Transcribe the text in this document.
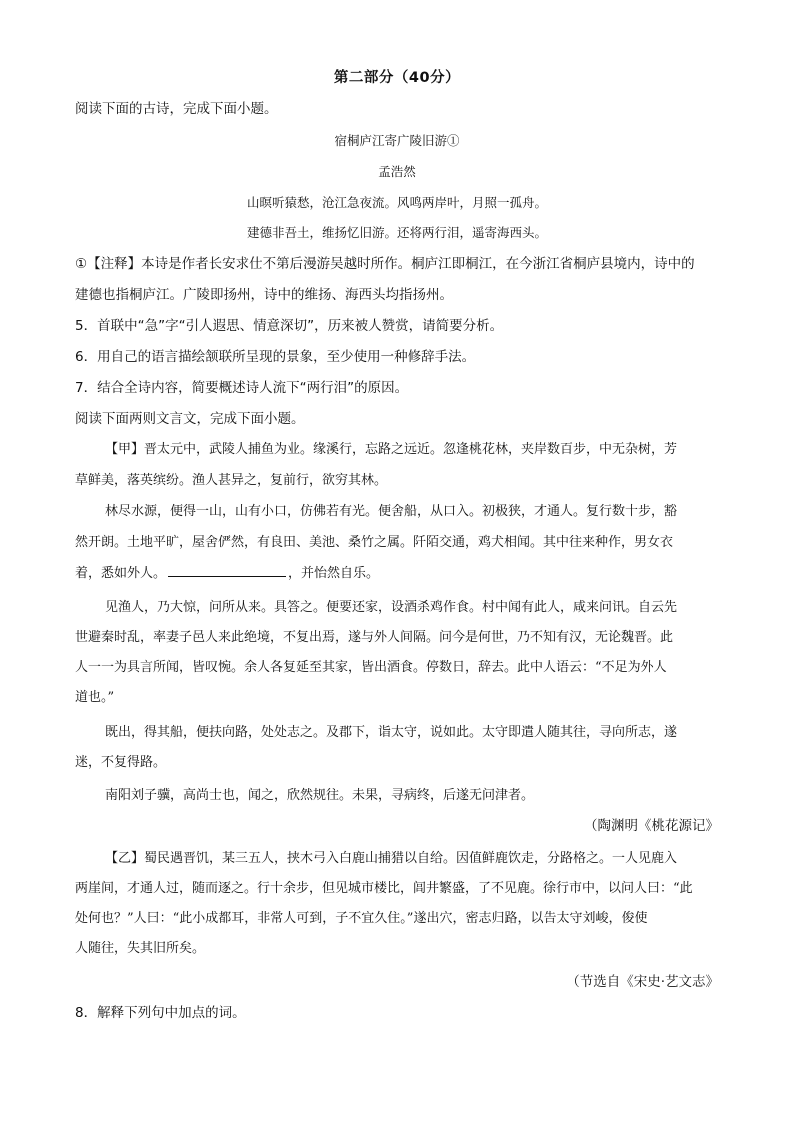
第二部分（40分）
阅读下面的古诗，完成下面小题。
宿桐庐江寄广陵旧游①
孟浩然
山暝听猿愁，沧江急夜流。风鸣两岸叶，月照一孤舟。
建德非吾土，维扬忆旧游。还将两行泪，遥寄海西头。
①【注释】本诗是作者长安求仕不第后漫游吴越时所作。桐庐江即桐江，在今浙江省桐庐县境内，诗中的
建德也指桐庐江。广陵即扬州，诗中的维扬、海西头均指扬州。
5．首联中“急”字“引人遐思、情意深切”，历来被人赞赏，请简要分析。
6．用自己的语言描绘颔联所呈现的景象，至少使用一种修辞手法。
7．结合全诗内容，简要概述诗人流下“两行泪”的原因。
阅读下面两则文言文，完成下面小题。
【甲】晋太元中，武陵人捕鱼为业。缘溪行，忘路之远近。忽逢桃花林，夹岸数百步，中无杂树，芳
草鲜美，落英缤纷。渔人甚异之，复前行，欲穷其林。
林尽水源，便得一山，山有小口，仿佛若有光。便舍船，从口入。初极狭，才通人。复行数十步，豁
然开朗。土地平旷，屋舍俨然，有良田、美池、桑竹之属。阡陌交通，鸡犬相闻。其中往来种作，男女衣
着，悉如外人。	，并怡然自乐。
见渔人，乃大惊，问所从来。具答之。便要还家，设酒杀鸡作食。村中闻有此人，咸来问讯。自云先
世避秦时乱，率妻子邑人来此绝境，不复出焉，遂与外人间隔。问今是何世，乃不知有汉，无论魏晋。此
人一一为具言所闻，皆叹惋。余人各复延至其家，皆出酒食。停数日，辞去。此中人语云：“不足为外人
道也。”
既出，得其船，便扶向路，处处志之。及郡下，诣太守，说如此。太守即遣人随其往，寻向所志，遂
迷，不复得路。
南阳刘子骥，高尚士也，闻之，欣然规往。未果，寻病终，后遂无问津者。
（陶渊明《桃花源记》
【乙】蜀民遇晋饥，某三五人，挟木弓入白鹿山捕猎以自给。因值鲜鹿饮走，分路格之。一人见鹿入
两崖间，才通人过，随而逐之。行十余步，但见城市楼比，闾井繁盛，了不见鹿。徐行市中，以问人曰：“此
处何也？”人曰：“此小成都耳，非常人可到，子不宜久住。”遂出穴，密志归路，以告太守刘峻，俊使
人随往，失其旧所矣。
（节选自《宋史·艺文志》
8．解释下列句中加点的词。
